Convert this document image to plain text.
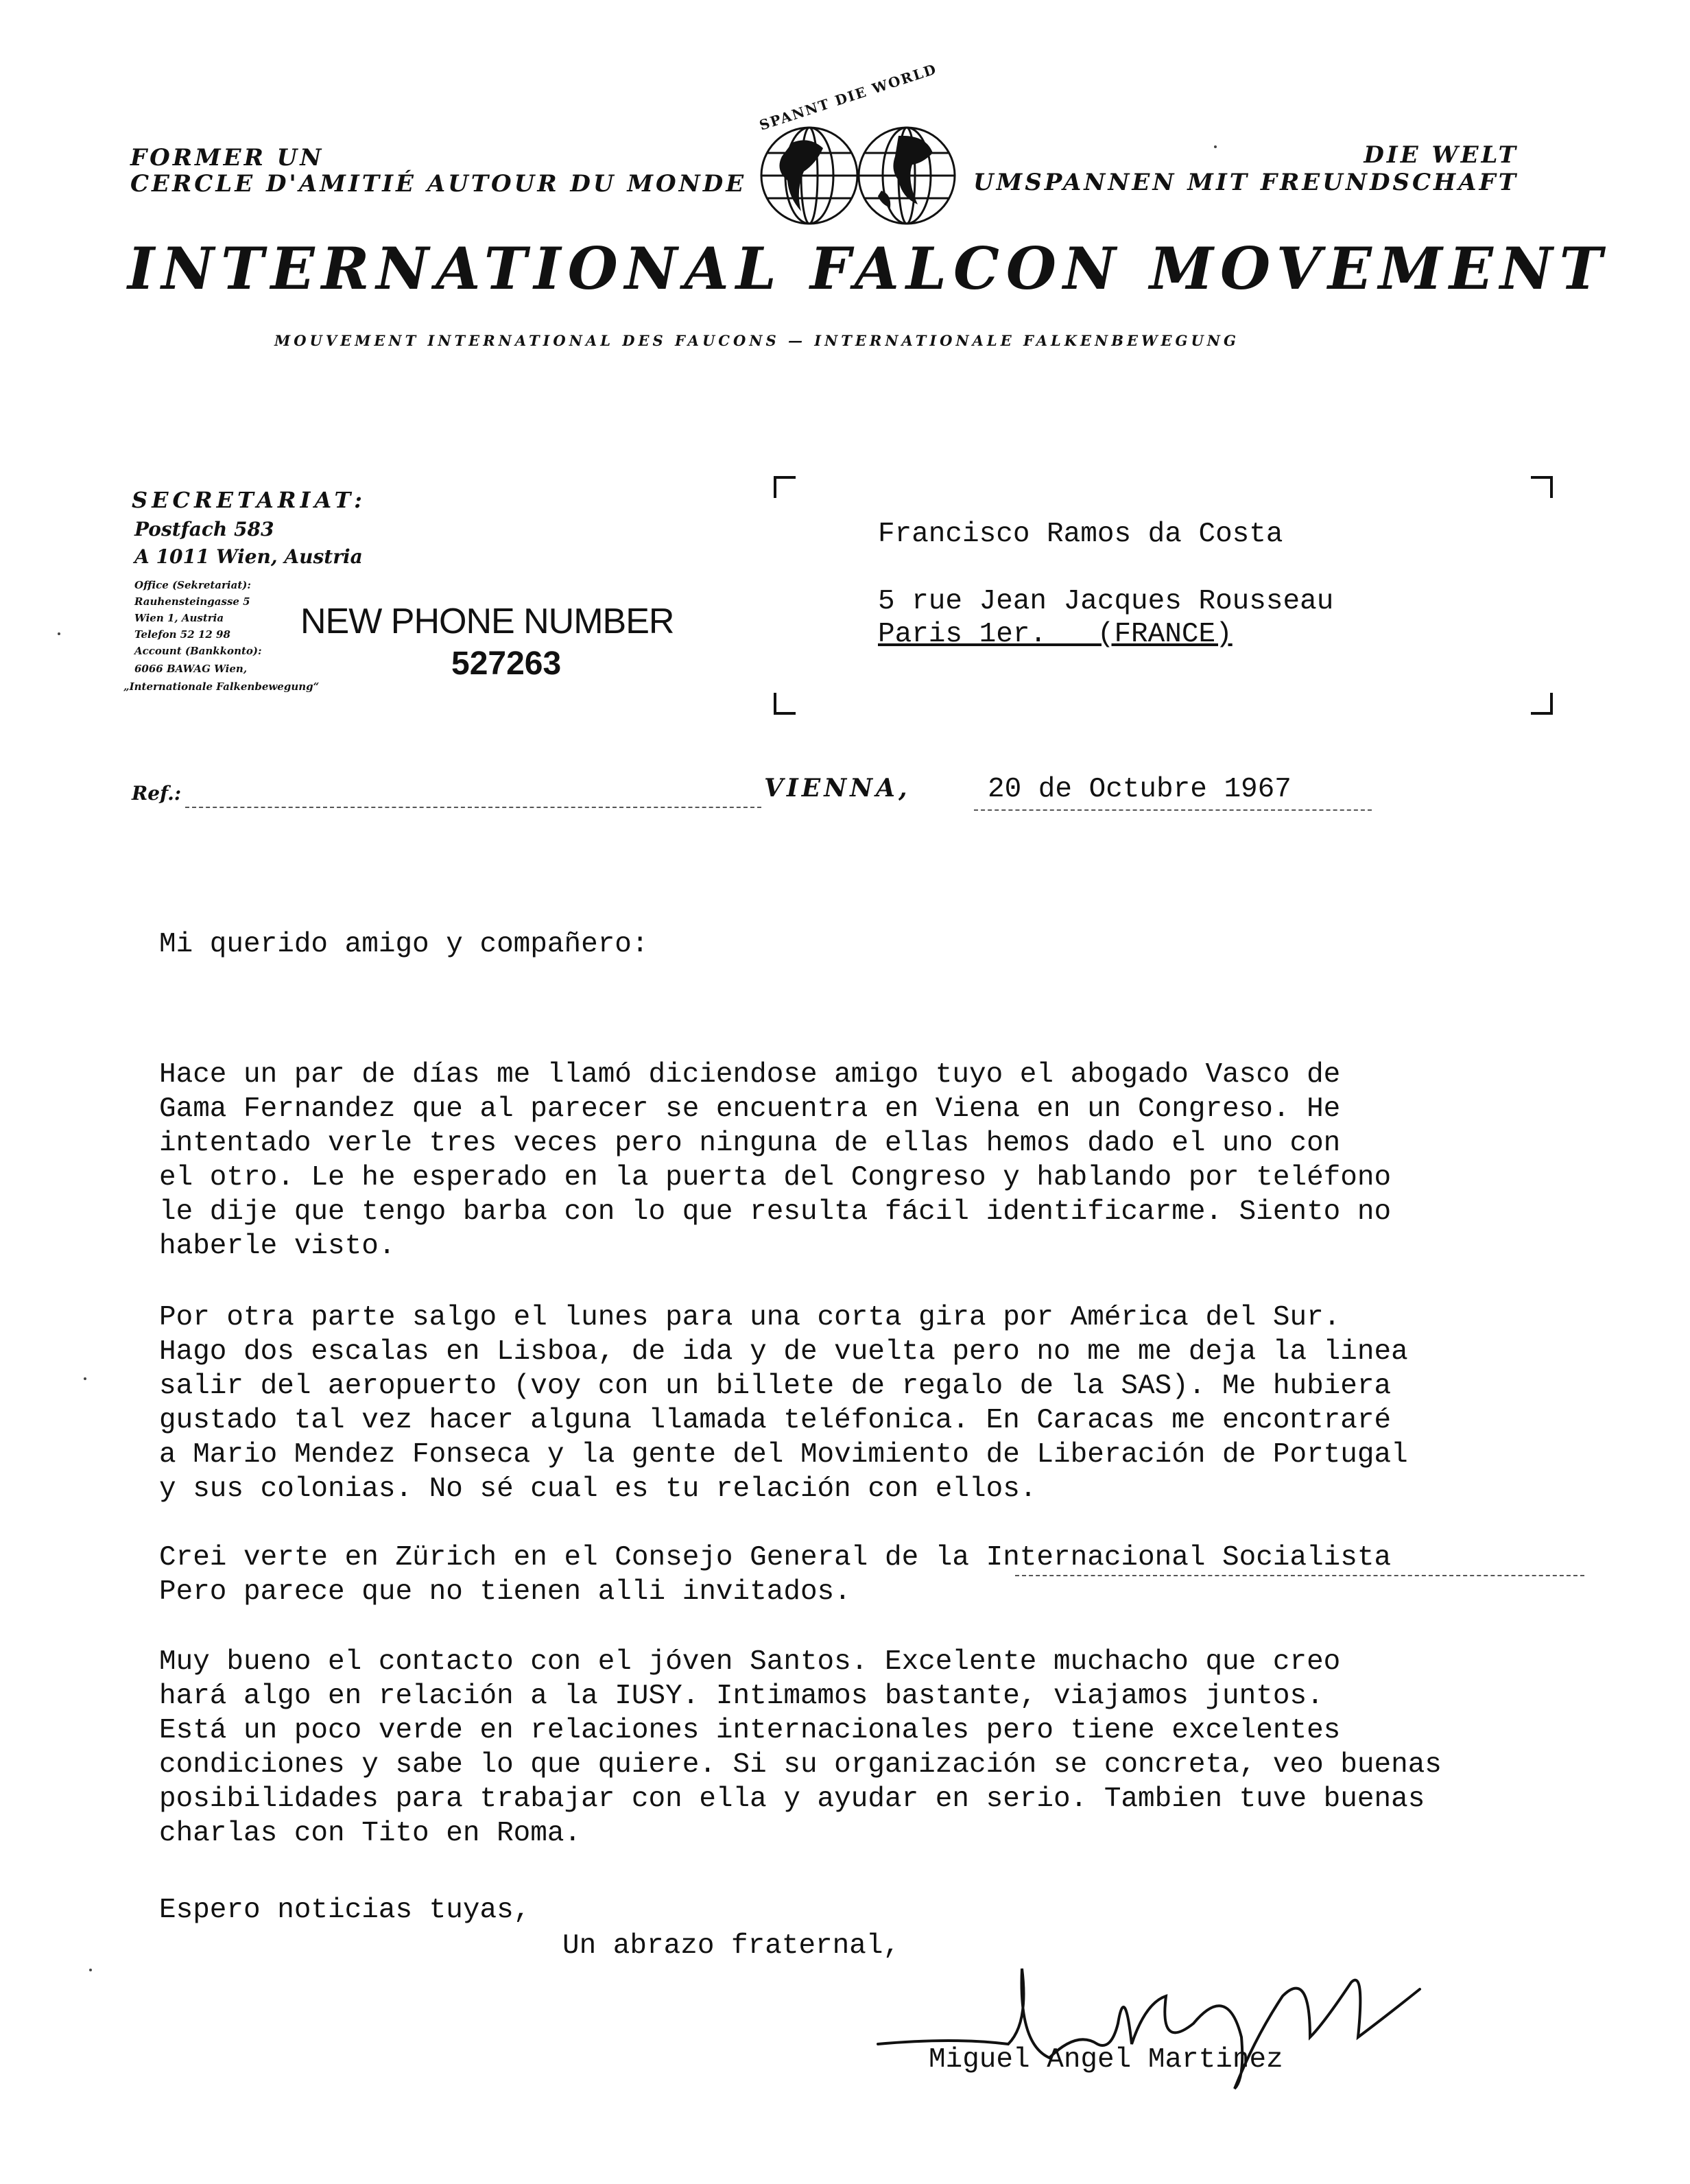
FORMER UN
CERCLE D'AMITIÉ AUTOUR DU MONDE
DIE WELT
UMSPANNEN MIT FREUNDSCHAFT
SPANNT DIE WORLD
INTERNATIONAL FALCON MOVEMENT
MOUVEMENT INTERNATIONAL DES FAUCONS — INTERNATIONALE FALKENBEWEGUNG
SECRETARIAT:
Postfach 583
A 1011 Wien, Austria
Office (Sekretariat):
Rauhensteingasse 5
Wien 1, Austria
Telefon 52 12 98
Account (Bankkonto):
6066 BAWAG Wien,
„Internationale Falkenbewegung“
NEW PHONE NUMBER
527263
Francisco Ramos da Costa
5 rue Jean Jacques Rousseau
Paris 1er.   (FRANCE)
Ref.:	VIENNA,	20 de Octubre 1967
Mi querido amigo y compañero:
Hace un par de días me llamó diciendose amigo tuyo el abogado Vasco de
Gama Fernandez que al parecer se encuentra en Viena en un Congreso. He
intentado verle tres veces pero ninguna de ellas hemos dado el uno con
el otro. Le he esperado en la puerta del Congreso y hablando por teléfono
le dije que tengo barba con lo que resulta fácil identificarme. Siento no
haberle visto.
Por otra parte salgo el lunes para una corta gira por América del Sur.
Hago dos escalas en Lisboa, de ida y de vuelta pero no me me deja la linea
salir del aeropuerto (voy con un billete de regalo de la SAS). Me hubiera
gustado tal vez hacer alguna llamada teléfonica. En Caracas me encontraré
a Mario Mendez Fonseca y la gente del Movimiento de Liberación de Portugal
y sus colonias. No sé cual es tu relación con ellos.
Crei verte en Zürich en el Consejo General de la Internacional Socialista
Pero parece que no tienen alli invitados.
Muy bueno el contacto con el jóven Santos. Excelente muchacho que creo
hará algo en relación a la IUSY. Intimamos bastante, viajamos juntos.
Está un poco verde en relaciones internacionales pero tiene excelentes
condiciones y sabe lo que quiere. Si su organización se concreta, veo buenas
posibilidades para trabajar con ella y ayudar en serio. Tambien tuve buenas
charlas con Tito en Roma.
Espero noticias tuyas,
Un abrazo fraternal,
Miguel Angel Martinez
